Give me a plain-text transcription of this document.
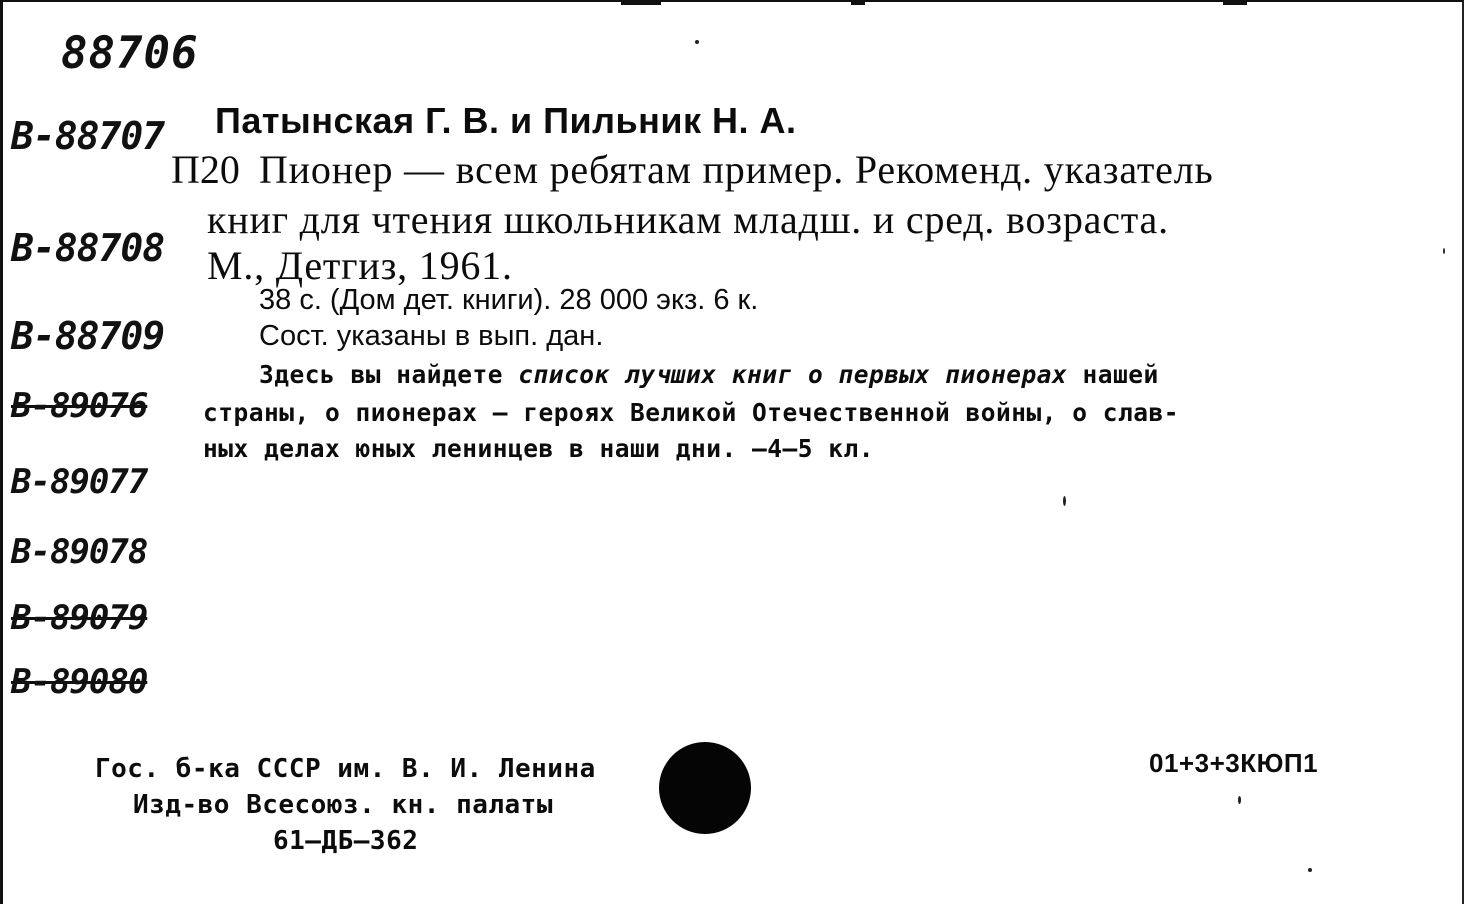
88706
В-88707
В-88708
В-88709
В-89076
В-89077
В-89078
В-89079
В-89080
Патынская Г. В. и Пильник Н. А.
П20 Пионер — всем ребятам пример. Рекоменд. указатель
книг для чтения школьникам младш. и сред. возраста.
М., Детгиз, 1961.
38 с. (Дом дет. книги). 28 000 экз. 6 к.
Сост. указаны в вып. дан.
Здесь вы найдете список лучших книг о первых пионерах нашей
страны, о пионерах — героях Великой Отечественной войны, о слав-
ных делах юных ленинцев в наши дни. —4—5 кл.
Гос. б-ка СССР им. В. И. Ленина
Изд-во Всесоюз. кн. палаты
61—ДБ—362
01+3+3КЮП1
